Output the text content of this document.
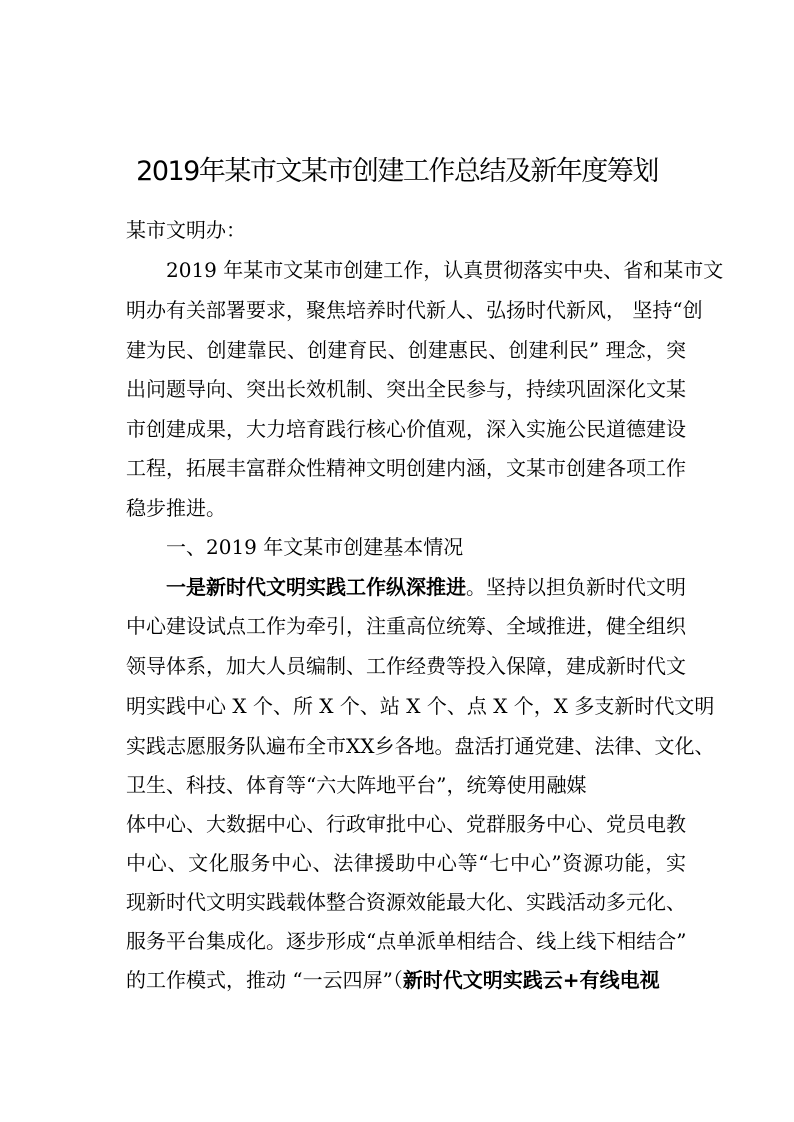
2019年某市文某市创建工作总结及新年度筹划
某市文明办：
　　2019 年某市文某市创建工作，认真贯彻落实中央、省和某市文
明办有关部署要求，聚焦培养时代新人、弘扬时代新风， 坚持“创
建为民、创建靠民、创建育民、创建惠民、创建利民” 理念，突
出问题导向、突出长效机制、突出全民参与，持续巩固深化文某
市创建成果，大力培育践行核心价值观，深入实施公民道德建设
工程，拓展丰富群众性精神文明创建内涵，文某市创建各项工作
稳步推进。
　　一、2019 年文某市创建基本情况
　　一是新时代文明实践工作纵深推进。坚持以担负新时代文明
中心建设试点工作为牵引，注重高位统筹、全域推进，健全组织
领导体系，加大人员编制、工作经费等投入保障，建成新时代文
明实践中心 X 个、所 X 个、站 X 个、点 X 个，X 多支新时代文明
实践志愿服务队遍布全市XX乡各地。盘活打通党建、法律、文化、
卫生、科技、体育等“六大阵地平台”，统筹使用融媒
体中心、大数据中心、行政审批中心、党群服务中心、党员电教
中心、文化服务中心、法律援助中心等“七中心”资源功能，实
现新时代文明实践载体整合资源效能最大化、实践活动多元化、
服务平台集成化。逐步形成“点单派单相结合、线上线下相结合”
的工作模式，推动 “一云四屏”（新时代文明实践云+有线电视
